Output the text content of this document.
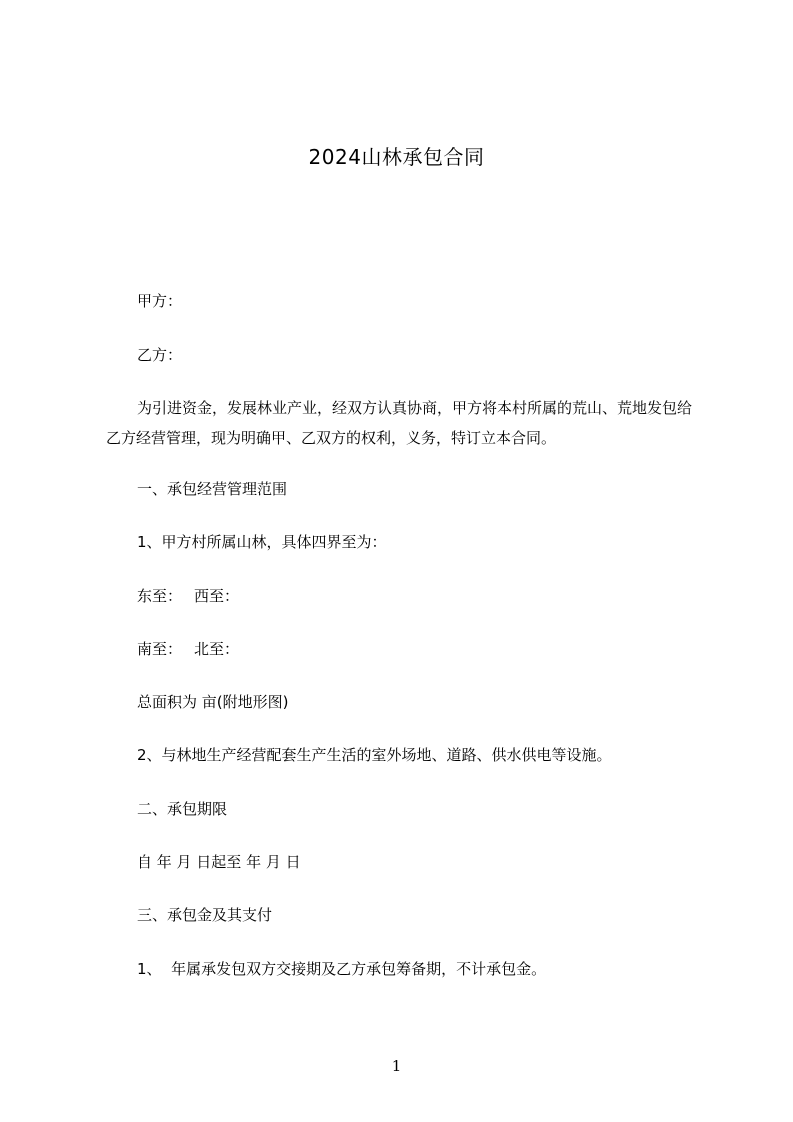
2024山林承包合同
甲方：
乙方：
为引进资金，发展林业产业，经双方认真协商，甲方将本村所属的荒山、荒地发包给乙方经营管理，现为明确甲、乙双方的权利，义务，特订立本合同。
一、承包经营管理范围
1、甲方村所属山林，具体四界至为：
东至： 西至：
南至： 北至：
总面积为 亩(附地形图)
2、与林地生产经营配套生产生活的室外场地、道路、供水供电等设施。
二、承包期限
自 年 月 日起至 年 月 日
三、承包金及其支付
1、  年属承发包双方交接期及乙方承包筹备期，不计承包金。
1
